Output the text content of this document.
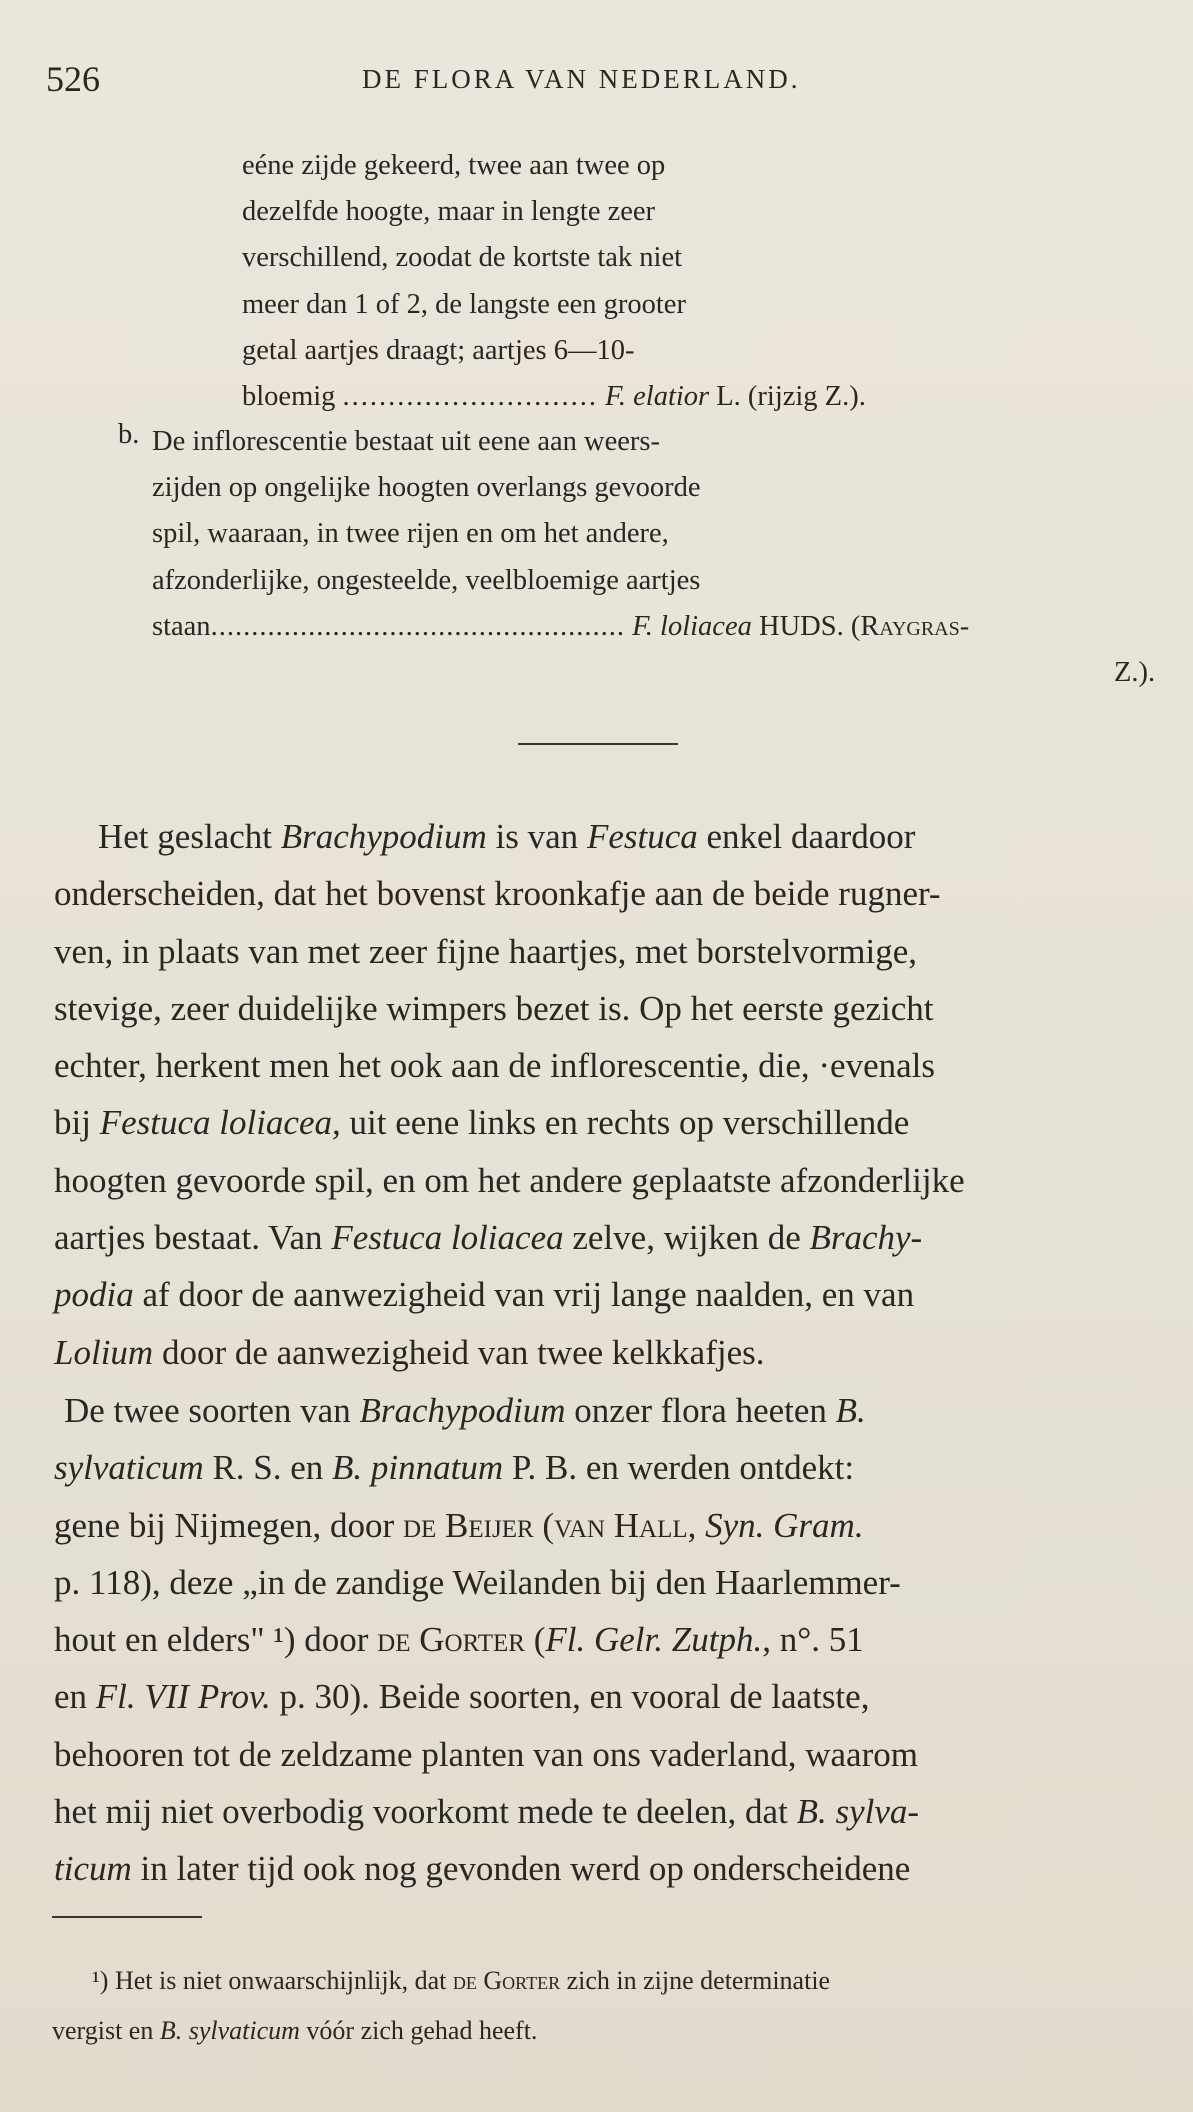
526	DE FLORA VAN NEDERLAND.
eéne zijde gekeerd, twee aan twee op
dezelfde hoogte, maar in lengte zeer
verschillend, zoodat de kortste tak niet
meer dan 1 of 2, de langste een grooter
getal aartjes draagt; aartjes 6—10-
bloemig ............................ F. elatior L. (rijzig Z.).
b. De inflorescentie bestaat uit eene aan weers-
zijden op ongelijke hoogten overlangs gevoorde
spil, waaraan, in twee rijen en om het andere,
afzonderlijke, ongesteelde, veelbloemige aartjes
staan................................................... F. loliacea HUDS. (Raygras-
Z.).
Het geslacht Brachypodium is van Festuca enkel daardoor
onderscheiden, dat het bovenst kroonkafje aan de beide rugner-
ven, in plaats van met zeer fijne haartjes, met borstelvormige,
stevige, zeer duidelijke wimpers bezet is. Op het eerste gezicht
echter, herkent men het ook aan de inflorescentie, die, ·evenals
bij Festuca loliacea, uit eene links en rechts op verschillende
hoogten gevoorde spil, en om het andere geplaatste afzonderlijke
aartjes bestaat. Van Festuca loliacea zelve, wijken de Brachy-
podia af door de aanwezigheid van vrij lange naalden, en van
Lolium door de aanwezigheid van twee kelkkafjes.
De twee soorten van Brachypodium onzer flora heeten B.
sylvaticum R. S. en B. pinnatum P. B. en werden ontdekt:
gene bij Nijmegen, door de Beijer (van Hall, Syn. Gram.
p. 118), deze „in de zandige Weilanden bij den Haarlemmer-
hout en elders" ¹) door de Gorter (Fl. Gelr. Zutph., n°. 51
en Fl. VII Prov. p. 30). Beide soorten, en vooral de laatste,
behooren tot de zeldzame planten van ons vaderland, waarom
het mij niet overbodig voorkomt mede te deelen, dat B. sylva-
ticum in later tijd ook nog gevonden werd op onderscheidene
¹) Het is niet onwaarschijnlijk, dat de Gorter zich in zijne determinatie
vergist en B. sylvaticum vóór zich gehad heeft.
